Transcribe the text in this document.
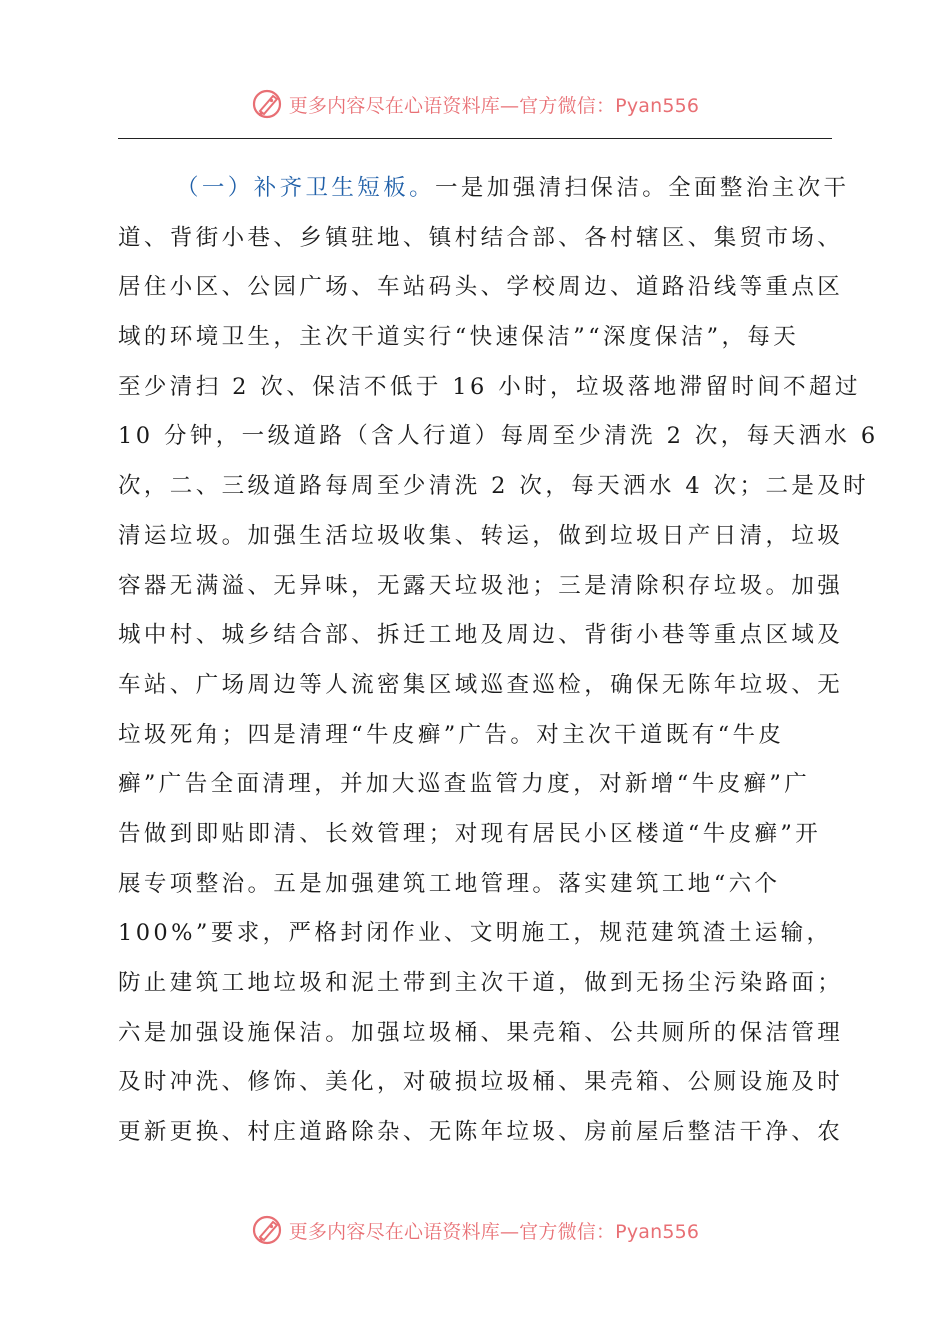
更多内容尽在心语资料库—官方微信：Pyan556
（一）补齐卫生短板。一是加强清扫保洁。全面整治主次干
道、背街小巷、乡镇驻地、镇村结合部、各村辖区、集贸市场、
居住小区、公园广场、车站码头、学校周边、道路沿线等重点区
域的环境卫生，主次干道实行“快速保洁”“深度保洁”，每天
至少清扫 2 次、保洁不低于 16 小时，垃圾落地滞留时间不超过
10 分钟，一级道路（含人行道）每周至少清洗 2 次，每天洒水 6
次，二、三级道路每周至少清洗 2 次，每天洒水 4 次；二是及时
清运垃圾。加强生活垃圾收集、转运，做到垃圾日产日清，垃圾
容器无满溢、无异味，无露天垃圾池；三是清除积存垃圾。加强
城中村、城乡结合部、拆迁工地及周边、背街小巷等重点区域及
车站、广场周边等人流密集区域巡查巡检，确保无陈年垃圾、无
垃圾死角；四是清理“牛皮癣”广告。对主次干道既有“牛皮
癣”广告全面清理，并加大巡查监管力度，对新增“牛皮癣”广
告做到即贴即清、长效管理；对现有居民小区楼道“牛皮癣”开
展专项整治。五是加强建筑工地管理。落实建筑工地“六个
100%”要求，严格封闭作业、文明施工，规范建筑渣土运输，
防止建筑工地垃圾和泥土带到主次干道，做到无扬尘污染路面；
六是加强设施保洁。加强垃圾桶、果壳箱、公共厕所的保洁管理
及时冲洗、修饰、美化，对破损垃圾桶、果壳箱、公厕设施及时
更新更换、村庄道路除杂、无陈年垃圾、房前屋后整洁干净、农
更多内容尽在心语资料库—官方微信：Pyan556
